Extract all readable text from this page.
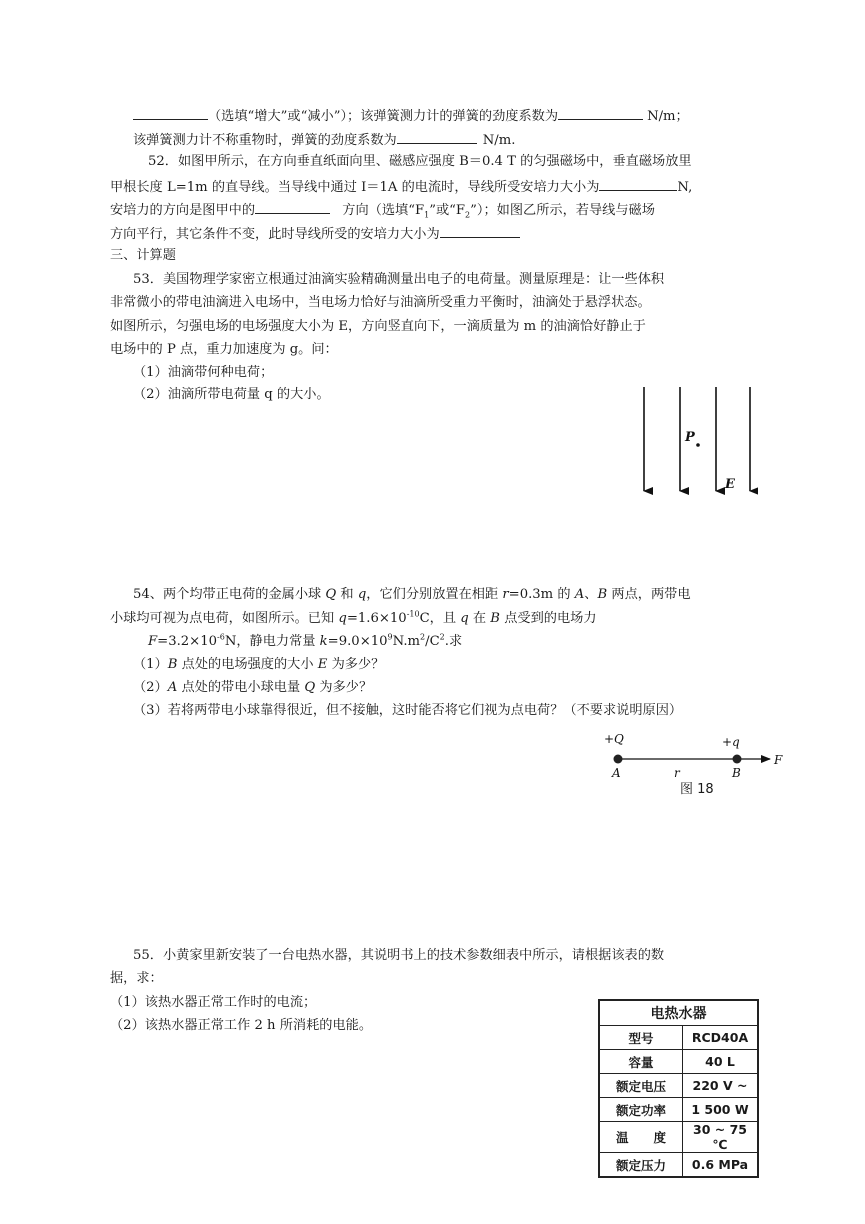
（选填“增大”或“减小”）；该弹簧测力计的弹簧的劲度系数为	N/m；
该弹簧测力计不称重物时，弹簧的劲度系数为	N/m.
52．如图甲所示，在方向垂直纸面向里、磁感应强度 B＝0.4 T 的匀强磁场中，垂直磁场放里
甲根长度 L=1m 的直导线。当导线中通过 I＝1A 的电流时，导线所受安培力大小为	N,
安培力的方向是图甲中的	方向（选填“$F_1$”或“$F_2$”）；如图乙所示，若导线与磁场
方向平行，其它条件不变，此时导线所受的安培力大小为
三、计算题
53．美国物理学家密立根通过油滴实验精确测量出电子的电荷量。测量原理是：让一些体积
非常微小的带电油滴进入电场中，当电场力恰好与油滴所受重力平衡时，油滴处于悬浮状态。
如图所示，匀强电场的电场强度大小为 E，方向竖直向下，一滴质量为 m 的油滴恰好静止于
电场中的 P 点，重力加速度为 g。问：
（1）油滴带何种电荷；
（2）油滴所带电荷量 q 的大小。
P
E
54、两个均带正电荷的金属小球 Q 和 q，它们分别放置在相距 r=0.3m 的 A、B 两点，两带电
小球均可视为点电荷，如图所示。已知 $q=1.6\times 10^{-10}C$，且 q 在 B 点受到的电场力
$F=3.2\times 10^{-6}N$，静电力常量 $k=9.0\times 10^9N.m^2/C^2$.求
（1）B 点处的电场强度的大小 E 为多少？
（2）A 点处的带电小球电量 Q 为多少？
（3）若将两带电小球靠得很近，但不接触，这时能否将它们视为点电荷？（不要求说明原因）
+Q	+q
A	r	B
F
图 18
55．小黄家里新安装了一台电热水器，其说明书上的技术参数细表中所示，请根据该表的数
据，求：
（1）该热水器正常工作时的电流；
（2）该热水器正常工作 2 h 所消耗的电能。
电热水器	
型号	RCD40A
容量	40 L
额定电压	220 V ~
额定功率	1 500 W
温　　度	30 ~ 75 ℃
额定压力	0.6 MPa
